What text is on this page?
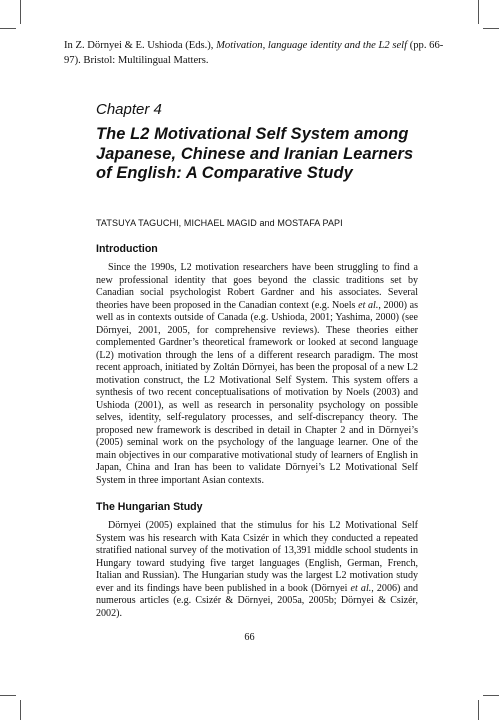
In Z. Dörnyei & E. Ushioda (Eds.), Motivation, language identity and the L2 self (pp. 66-97). Bristol: Multilingual Matters.
Chapter 4
The L2 Motivational Self System among Japanese, Chinese and Iranian Learners of English: A Comparative Study
TATSUYA TAGUCHI, MICHAEL MAGID and MOSTAFA PAPI
Introduction
Since the 1990s, L2 motivation researchers have been struggling to find a new professional identity that goes beyond the classic traditions set by Canadian social psychologist Robert Gardner and his associates. Several theories have been proposed in the Canadian context (e.g. Noels et al., 2000) as well as in contexts outside of Canada (e.g. Ushioda, 2001; Yashima, 2000) (see Dörnyei, 2001, 2005, for comprehensive reviews). These theories either complemented Gardner’s theoretical framework or looked at second language (L2) motivation through the lens of a different research paradigm. The most recent approach, initiated by Zoltán Dörnyei, has been the proposal of a new L2 motivation construct, the L2 Motivational Self System. This system offers a synthesis of two recent conceptualisations of motivation by Noels (2003) and Ushioda (2001), as well as research in personality psychology on possible selves, identity, self-regulatory processes, and self-discrepancy theory. The proposed new framework is described in detail in Chapter 2 and in Dörnyei’s (2005) seminal work on the psychology of the language learner. One of the main objectives in our comparative motivational study of learners of English in Japan, China and Iran has been to validate Dörnyei’s L2 Motivational Self System in three important Asian contexts.
The Hungarian Study
Dörnyei (2005) explained that the stimulus for his L2 Motivational Self System was his research with Kata Csizér in which they conducted a repeated stratified national survey of the motivation of 13,391 middle school students in Hungary toward studying five target languages (English, German, French, Italian and Russian). The Hungarian study was the largest L2 motivation study ever and its findings have been published in a book (Dörnyei et al., 2006) and numerous articles (e.g. Csizér & Dörnyei, 2005a, 2005b; Dörnyei & Csizér, 2002).
66
